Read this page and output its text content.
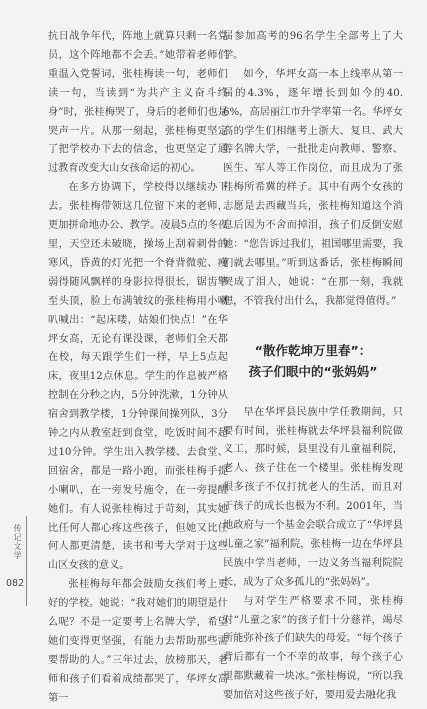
传记文学
082

抗日战争年代，阵地上就算只剩一名党员，这个阵地都不会丢。”她带着老师们重温入党誓词，张桂梅读一句，老师们读一句，当读到“为共产主义奋斗终身”时，张桂梅哭了，身后的老师们也是哭声一片。从那一刻起，张桂梅更坚定了把学校办下去的信念，也更坚定了通过教育改变大山女孩命运的初心。

在多方协调下，学校得以继续办下去。张桂梅带领这几位留下来的老师，更加拼命地办公、教学。凌晨5点的冬夜里，天空还未破晓，操场上刮着刺骨的寒风，昏黄的灯光把一个脊背微驼、瘦弱得随风飘样的身影拉得很长，锯齿擎至头顶，脸上布满皱纹的张桂梅用小喇叭喊出：“起床喽，姑娘们快点！”在华坪女高，无论有课没课，老师们全天都在校，每天跟学生们一样，早上5点起床，夜里12点休息。学生的作息被严格控制在分秒之内，5分钟洗漱，1分钟从宿舍到教学楼，1分钟课间操列队，3分钟之内从教室赶到食堂，吃饭时间不超过10分钟。学生出入教学楼、去食堂、回宿舍，都是一路小跑，而张桂梅手提小喇叭，在一旁发号施令，在一旁提醒她们。有人说张桂梅过于苛刻，其实她比任何人都心疼这些孩子，但她又比任何人都更清楚，读书和考大学对于这些山区女孩的意义。

张桂梅每年都会鼓励女孩们考上更好的学校。她说：“我对她们的期望是什么呢？不是一定要考上名牌大学，希望她们变得更坚强，有能力去帮助那些需要帮助的人。”三年过去，放榜那天，老师和孩子们看着成绩都哭了，华坪女高第一

届参加高考的96名学生全部考上了大学。

如今，华坪女高一本上线率从第一届的4.3%，逐年增长到如今的40.6%，高居丽江市升学率第一名。华坪女高的学生们相继考上浙大、复旦、武大等名牌大学，一批批走向教师、警察、医生、军人等工作岗位，而且成为了张桂梅所希冀的样子。其中有两个女孩的志愿是去西藏当兵，张桂梅知道这个消息后因为不舍而掉泪，孩子们反倒安慰她：“您告诉过我们，祖国哪里需要，我们就去哪里。”听到这番话，张桂梅瞬间哭成了泪人，她说：“在那一刻，我就想，不管我付出什么，我都觉得值得。”

“散作乾坤万里春”：
孩子们眼中的“张妈妈”

早在华坪县民族中学任教期间，只要有时间，张桂梅就去华坪县福利院做义工，那时候，县里没有儿童福利院，老人、孩子住在一个楼里。张桂梅发现很多孩子不仅打扰老人的生活，而且对于孩子的成长也极为不利。2001年，当地政府与一个基金会联合成立了“华坪县儿童之家”福利院，张桂梅一边在华坪县民族中学当老师，一边义务当福利院院长，成为了众多孤儿的“张妈妈”。

与对学生严格要求不同，张桂梅对“儿童之家”的孩子们十分慈祥，竭尽所能弥补孩子们缺失的母爱。“每个孩子背后都有一个不幸的故事，每个孩子心里都默藏着一块冰。”张桂梅说，“所以我要加倍对这些孩子好，要用爱去融化我
